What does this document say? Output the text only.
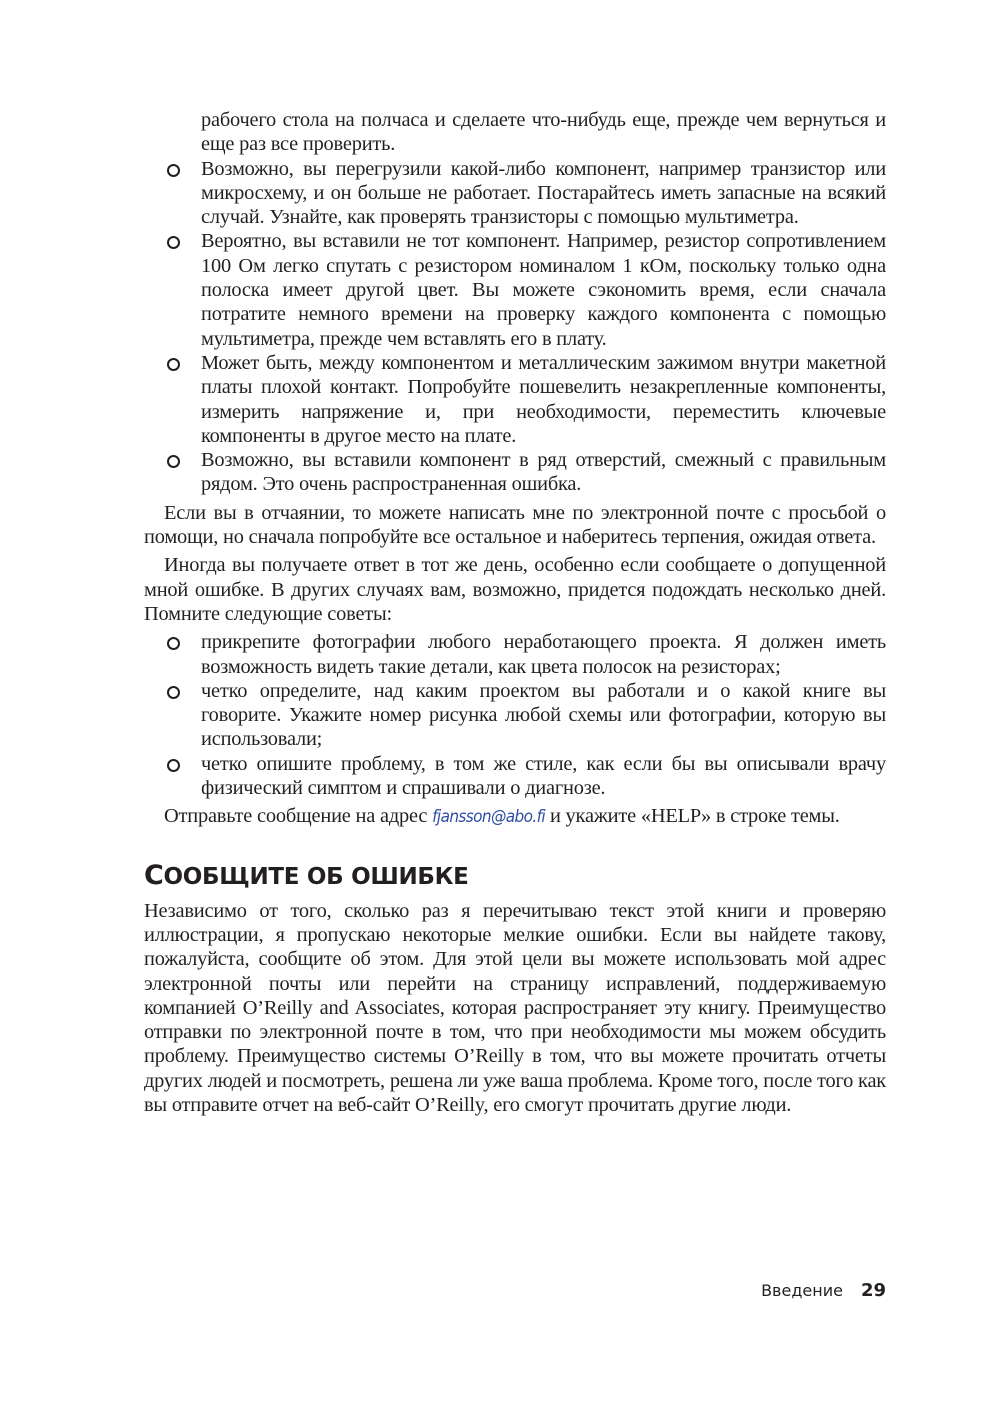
рабочего стола на полчаса и сделаете что-нибудь еще, прежде чем вернуться и еще раз все проверить.

Возможно, вы перегрузили какой-либо компонент, например транзистор или микросхему, и он больше не работает. Постарайтесь иметь запасные на всякий случай. Узнайте, как проверять транзисторы с помощью мультиметра.

Вероятно, вы вставили не тот компонент. Например, резистор сопротивлением 100 Ом легко спутать с резистором номиналом 1 кОм, поскольку только одна полоска имеет другой цвет. Вы можете сэкономить время, если сначала потратите немного времени на проверку каждого компонента с помощью мультиметра, прежде чем вставлять его в плату.

Может быть, между компонентом и металлическим зажимом внутри макетной платы плохой контакт. Попробуйте пошевелить незакрепленные компоненты, измерить напряжение и, при необходимости, переместить ключевые компоненты в другое место на плате.

Возможно, вы вставили компонент в ряд отверстий, смежный с правильным рядом. Это очень распространенная ошибка.

Если вы в отчаянии, то можете написать мне по электронной почте с просьбой о помощи, но сначала попробуйте все остальное и наберитесь терпения, ожидая ответа.

Иногда вы получаете ответ в тот же день, особенно если сообщаете о допущенной мной ошибке. В других случаях вам, возможно, придется подождать несколько дней. Помните следующие советы:

прикрепите фотографии любого неработающего проекта. Я должен иметь возможность видеть такие детали, как цвета полосок на резисторах;

четко определите, над каким проектом вы работали и о какой книге вы говорите. Укажите номер рисунка любой схемы или фотографии, которую вы использовали;

четко опишите проблему, в том же стиле, как если бы вы описывали врачу физический симптом и спрашивали о диагнозе.

Отправьте сообщение на адрес fjansson@abo.fi и укажите «HELP» в строке темы.

СООБЩИТЕ ОБ ОШИБКЕ

Независимо от того, сколько раз я перечитываю текст этой книги и проверяю иллюстрации, я пропускаю некоторые мелкие ошибки. Если вы найдете такову, пожалуйста, сообщите об этом. Для этой цели вы можете использовать мой адрес электронной почты или перейти на страницу исправлений, поддерживаемую компанией O’Reilly and Associates, которая распространяет эту книгу. Преимущество отправки по электронной почте в том, что при необходимости мы можем обсудить проблему. Преимущество системы O’Reilly в том, что вы можете прочитать отчеты других людей и посмотреть, решена ли уже ваша проблема. Кроме того, после того как вы отправите отчет на веб-сайт O’Reilly, его смогут прочитать другие люди.

Введение 29
